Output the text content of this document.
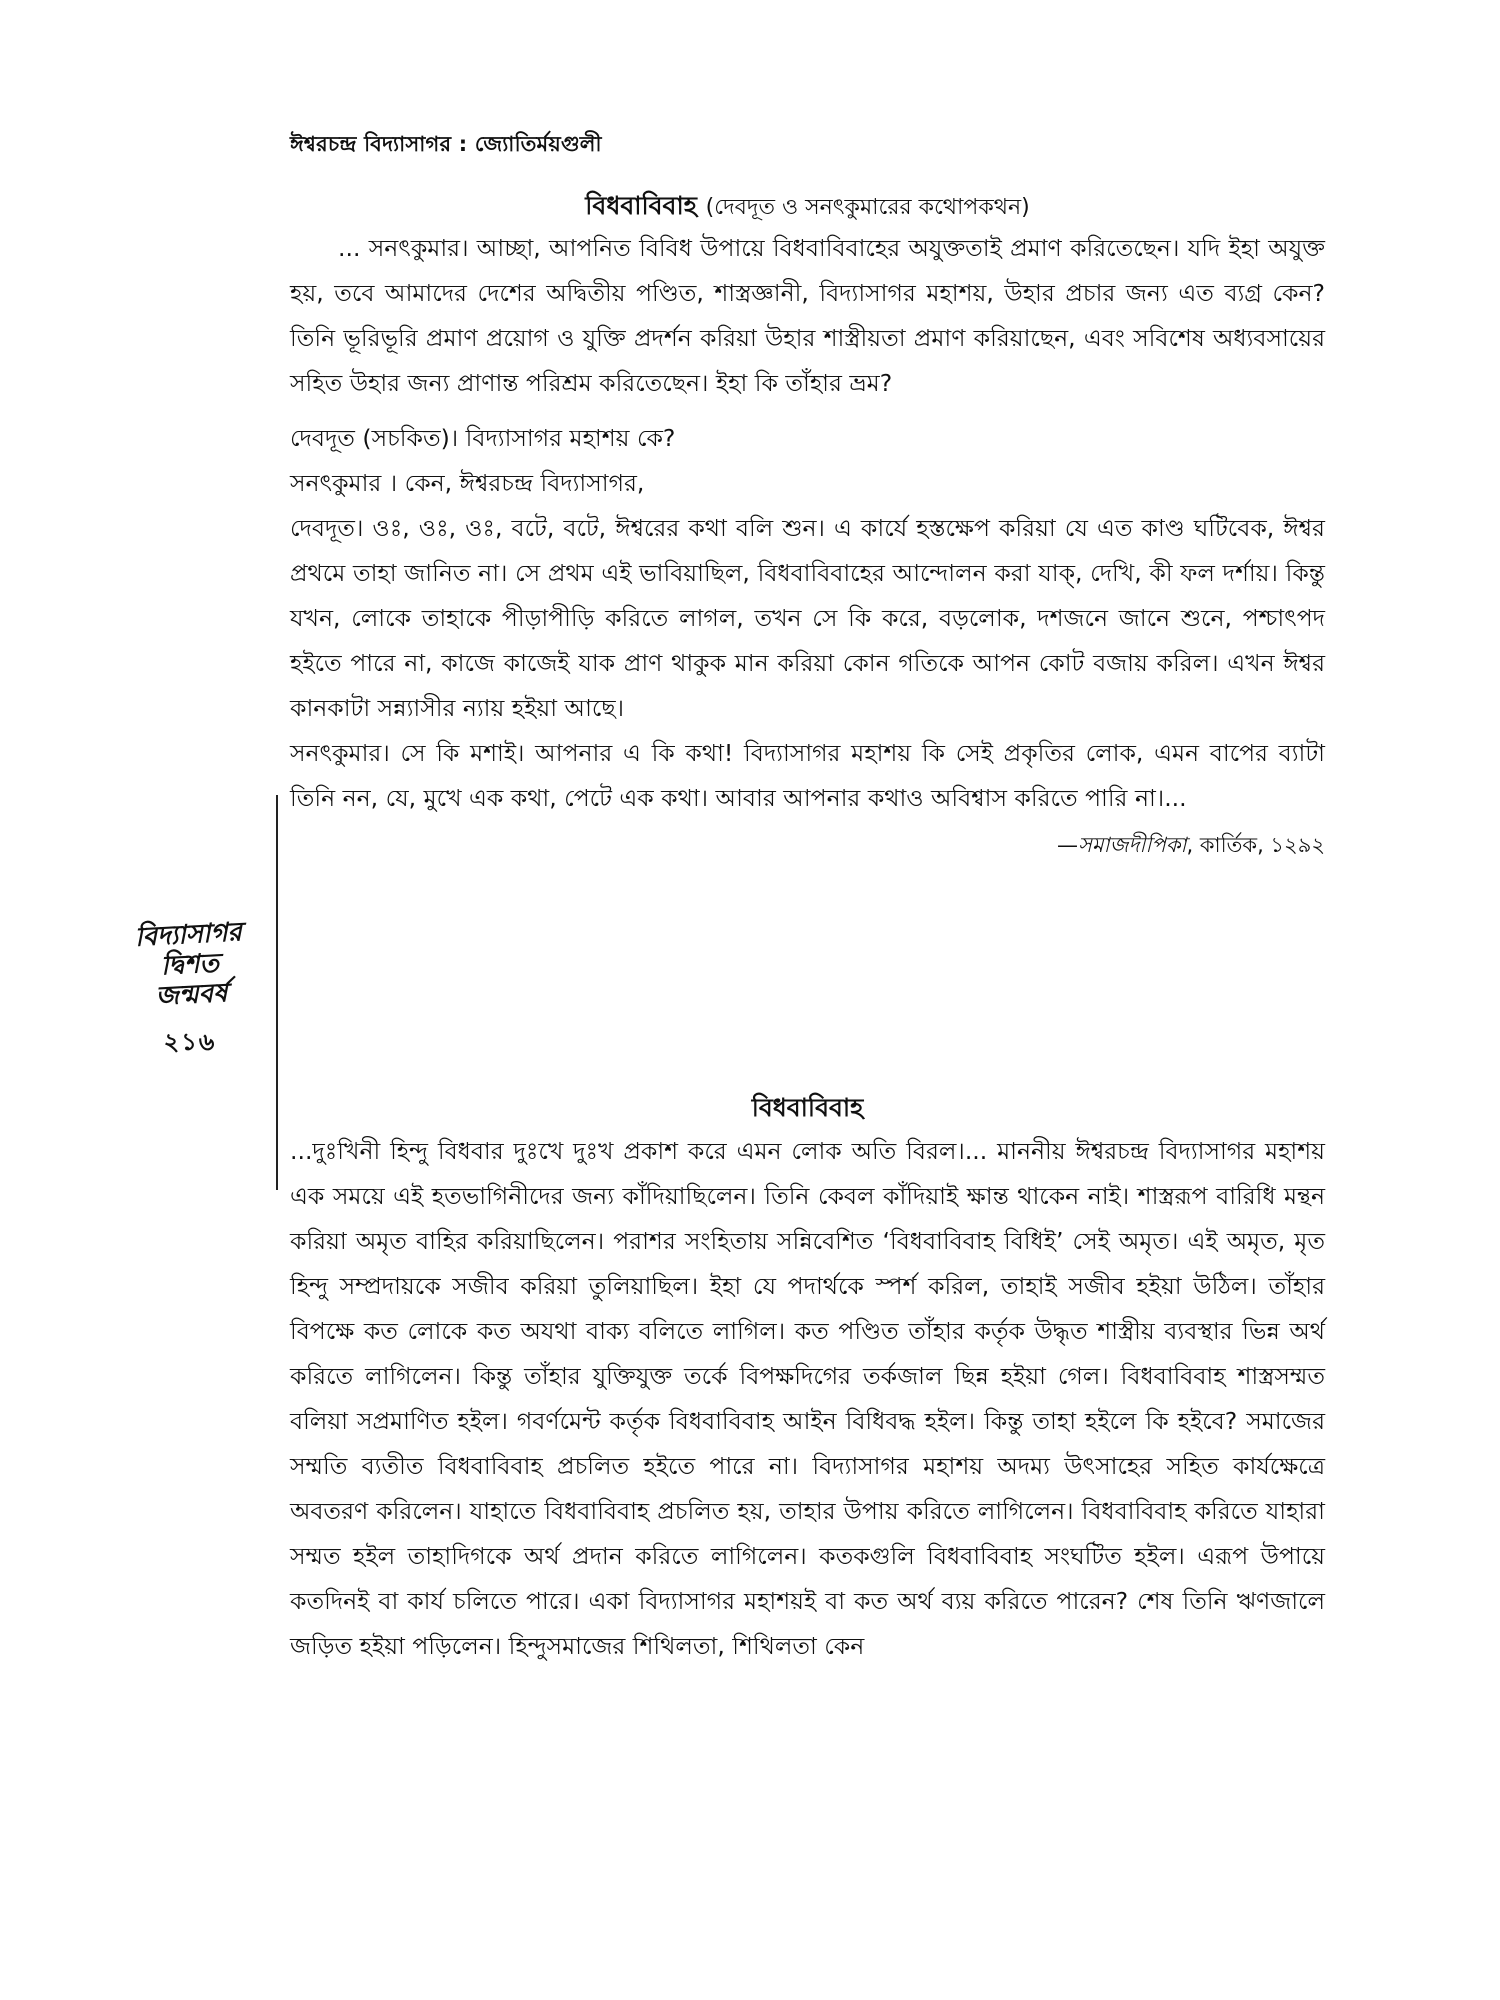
ঈশ্বরচন্দ্র বিদ্যাসাগর : জ্যোতির্ময়গুলী
বিধবাবিবাহ (দেবদূত ও সনৎকুমারের কথোপকথন)

... সনৎকুমার। আচ্ছা, আপনিত বিবিধ উপায়ে বিধবাবিবাহের অযুক্ততাই প্রমাণ করিতেছেন। যদি ইহা অযুক্ত হয়, তবে আমাদের দেশের অদ্বিতীয় পণ্ডিত, শাস্ত্রজ্ঞানী, বিদ্যাসাগর মহাশয়, উহার প্রচার জন্য এত ব্যগ্র কেন? তিনি ভূরিভূরি প্রমাণ প্রয়োগ ও যুক্তি প্রদর্শন করিয়া উহার শাস্ত্রীয়তা প্রমাণ করিয়াছেন, এবং সবিশেষ অধ্যবসায়ের সহিত উহার জন্য প্রাণান্ত পরিশ্রম করিতেছেন। ইহা কি তাঁহার ভ্রম?

দেবদূত (সচকিত)। বিদ্যাসাগর মহাশয় কে?

সনৎকুমার । কেন, ঈশ্বরচন্দ্র বিদ্যাসাগর,

দেবদূত। ওঃ, ওঃ, ওঃ, বটে, বটে, ঈশ্বরের কথা বলি শুন। এ কার্যে হস্তক্ষেপ করিয়া যে এত কাণ্ড ঘটিবেক, ঈশ্বর প্রথমে তাহা জানিত না। সে প্রথম এই ভাবিয়াছিল, বিধবাবিবাহের আন্দোলন করা যাক্, দেখি, কী ফল দর্শায়। কিন্তু যখন, লোকে তাহাকে পীড়াপীড়ি করিতে লাগল, তখন সে কি করে, বড়লোক, দশজনে জানে শুনে, পশ্চাৎপদ হইতে পারে না, কাজে কাজেই যাক প্রাণ থাকুক মান করিয়া কোন গতিকে আপন কোট বজায় করিল। এখন ঈশ্বর কানকাটা সন্ন্যাসীর ন্যায় হইয়া আছে।

সনৎকুমার। সে কি মশাই। আপনার এ কি কথা! বিদ্যাসাগর মহাশয় কি সেই প্রকৃতির লোক, এমন বাপের ব্যাটা তিনি নন, যে, মুখে এক কথা, পেটে এক কথা। আবার আপনার কথাও অবিশ্বাস করিতে পারি না।...

—সমাজদীপিকা, কার্তিক, ১২৯২

বিধবাবিবাহ

...দুঃখিনী হিন্দু বিধবার দুঃখে দুঃখ প্রকাশ করে এমন লোক অতি বিরল।... মাননীয় ঈশ্বরচন্দ্র বিদ্যাসাগর মহাশয় এক সময়ে এই হতভাগিনীদের জন্য কাঁদিয়াছিলেন। তিনি কেবল কাঁদিয়াই ক্ষান্ত থাকেন নাই। শাস্ত্ররূপ বারিধি মন্থন করিয়া অমৃত বাহির করিয়াছিলেন। পরাশর সংহিতায় সন্নিবেশিত ‘বিধবাবিবাহ বিধিই’ সেই অমৃত। এই অমৃত, মৃত হিন্দু সম্প্রদায়কে সজীব করিয়া তুলিয়াছিল। ইহা যে পদার্থকে স্পর্শ করিল, তাহাই সজীব হইয়া উঠিল। তাঁহার বিপক্ষে কত লোকে কত অযথা বাক্য বলিতে লাগিল। কত পণ্ডিত তাঁহার কর্তৃক উদ্ধৃত শাস্ত্রীয় ব্যবস্থার ভিন্ন অর্থ করিতে লাগিলেন। কিন্তু তাঁহার যুক্তিযুক্ত তর্কে বিপক্ষদিগের তর্কজাল ছিন্ন হইয়া গেল। বিধবাবিবাহ শাস্ত্রসম্মত বলিয়া সপ্রমাণিত হইল। গবর্ণমেন্ট কর্তৃক বিধবাবিবাহ আইন বিধিবদ্ধ হইল। কিন্তু তাহা হইলে কি হইবে? সমাজের সম্মতি ব্যতীত বিধবাবিবাহ প্রচলিত হইতে পারে না। বিদ্যাসাগর মহাশয় অদম্য উৎসাহের সহিত কার্যক্ষেত্রে অবতরণ করিলেন। যাহাতে বিধবাবিবাহ প্রচলিত হয়, তাহার উপায় করিতে লাগিলেন। বিধবাবিবাহ করিতে যাহারা সম্মত হইল তাহাদিগকে অর্থ প্রদান করিতে লাগিলেন। কতকগুলি বিধবাবিবাহ সংঘটিত হইল। এরূপ উপায়ে কতদিনই বা কার্য চলিতে পারে। একা বিদ্যাসাগর মহাশয়ই বা কত অর্থ ব্যয় করিতে পারেন? শেষ তিনি ঋণজালে জড়িত হইয়া পড়িলেন। হিন্দুসমাজের শিথিলতা, শিথিলতা কেন

বিদ্যাসাগর
দ্বিশত
জন্মবর্ষ
২১৬
